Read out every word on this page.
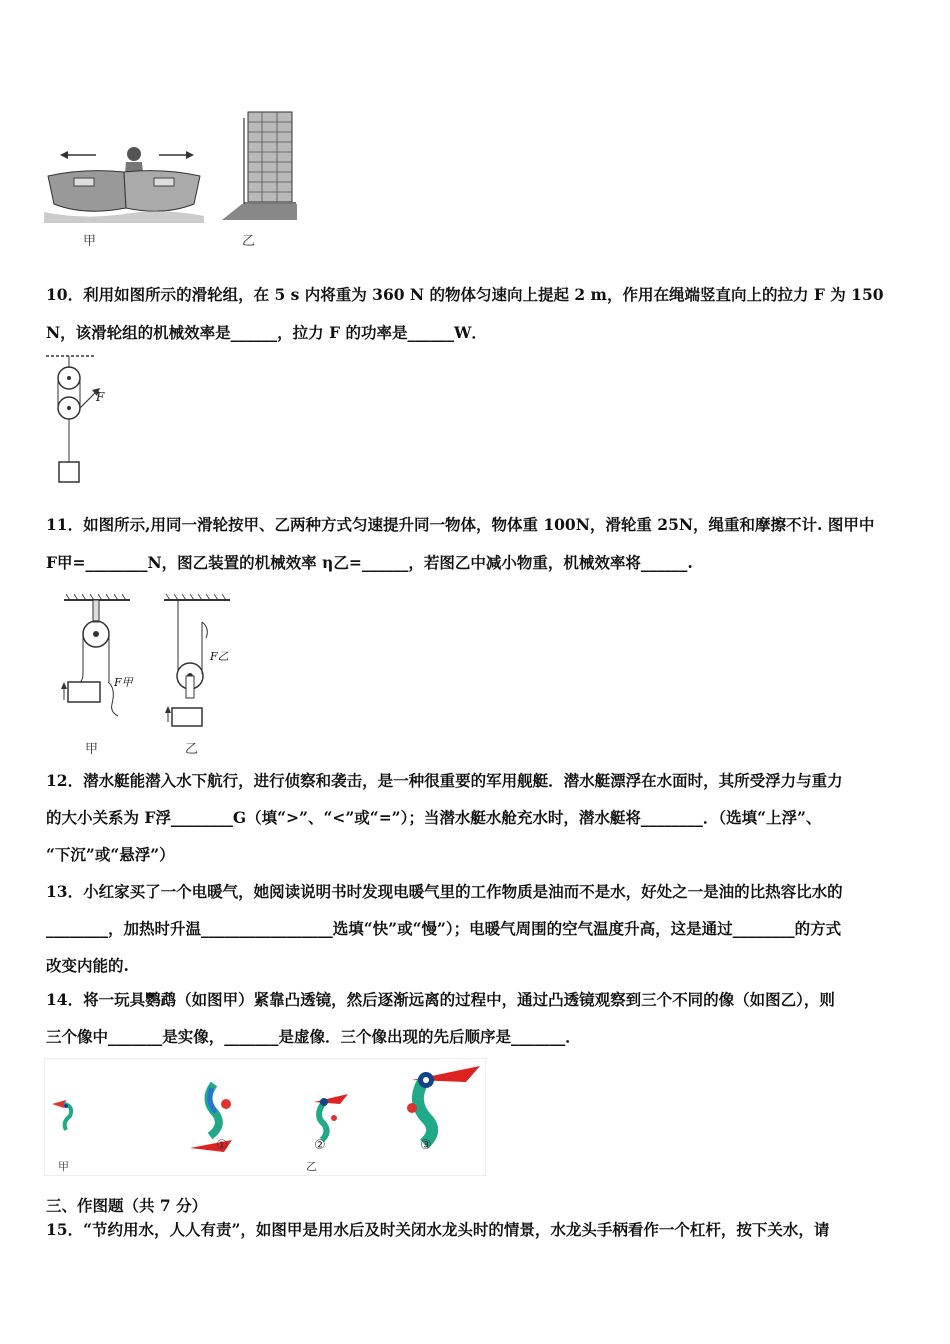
甲	乙
10．利用如图所示的滑轮组，在 5 s 内将重为 360 N 的物体匀速向上提起 2 m，作用在绳端竖直向上的拉力 F 为 150
N，该滑轮组的机械效率是______，拉力 F 的功率是______W．
F
11．如图所示,用同一滑轮按甲、乙两种方式匀速提升同一物体，物体重 100N，滑轮重 25N，绳重和摩擦不计. 图甲中
F甲=________N，图乙装置的机械效率 η乙=______，若图乙中减小物重，机械效率将______.
F甲
F乙
甲	乙
12．潜水艇能潜入水下航行，进行侦察和袭击，是一种很重要的军用舰艇．潜水艇漂浮在水面时，其所受浮力与重力
的大小关系为 F浮________G（填“>”、“<”或“=”）；当潜水艇水舱充水时，潜水艇将________．（选填“上浮”、
“下沉”或“悬浮”）
13．小红家买了一个电暖气，她阅读说明书时发现电暖气里的工作物质是油而不是水，好处之一是油的比热容比水的
________，加热时升温_________________选填“快”或“慢”）；电暖气周围的空气温度升高，这是通过________的方式
改变内能的.
14．将一玩具鹦鹉（如图甲）紧靠凸透镜，然后逐渐远离的过程中，通过凸透镜观察到三个不同的像（如图乙），则
三个像中_______是实像，_______是虚像．三个像出现的先后顺序是_______．
甲
①	②	③
乙
三、作图题（共 7 分）
15．“节约用水，人人有责”，如图甲是用水后及时关闭水龙头时的情景，水龙头手柄看作一个杠杆，按下关水，请
